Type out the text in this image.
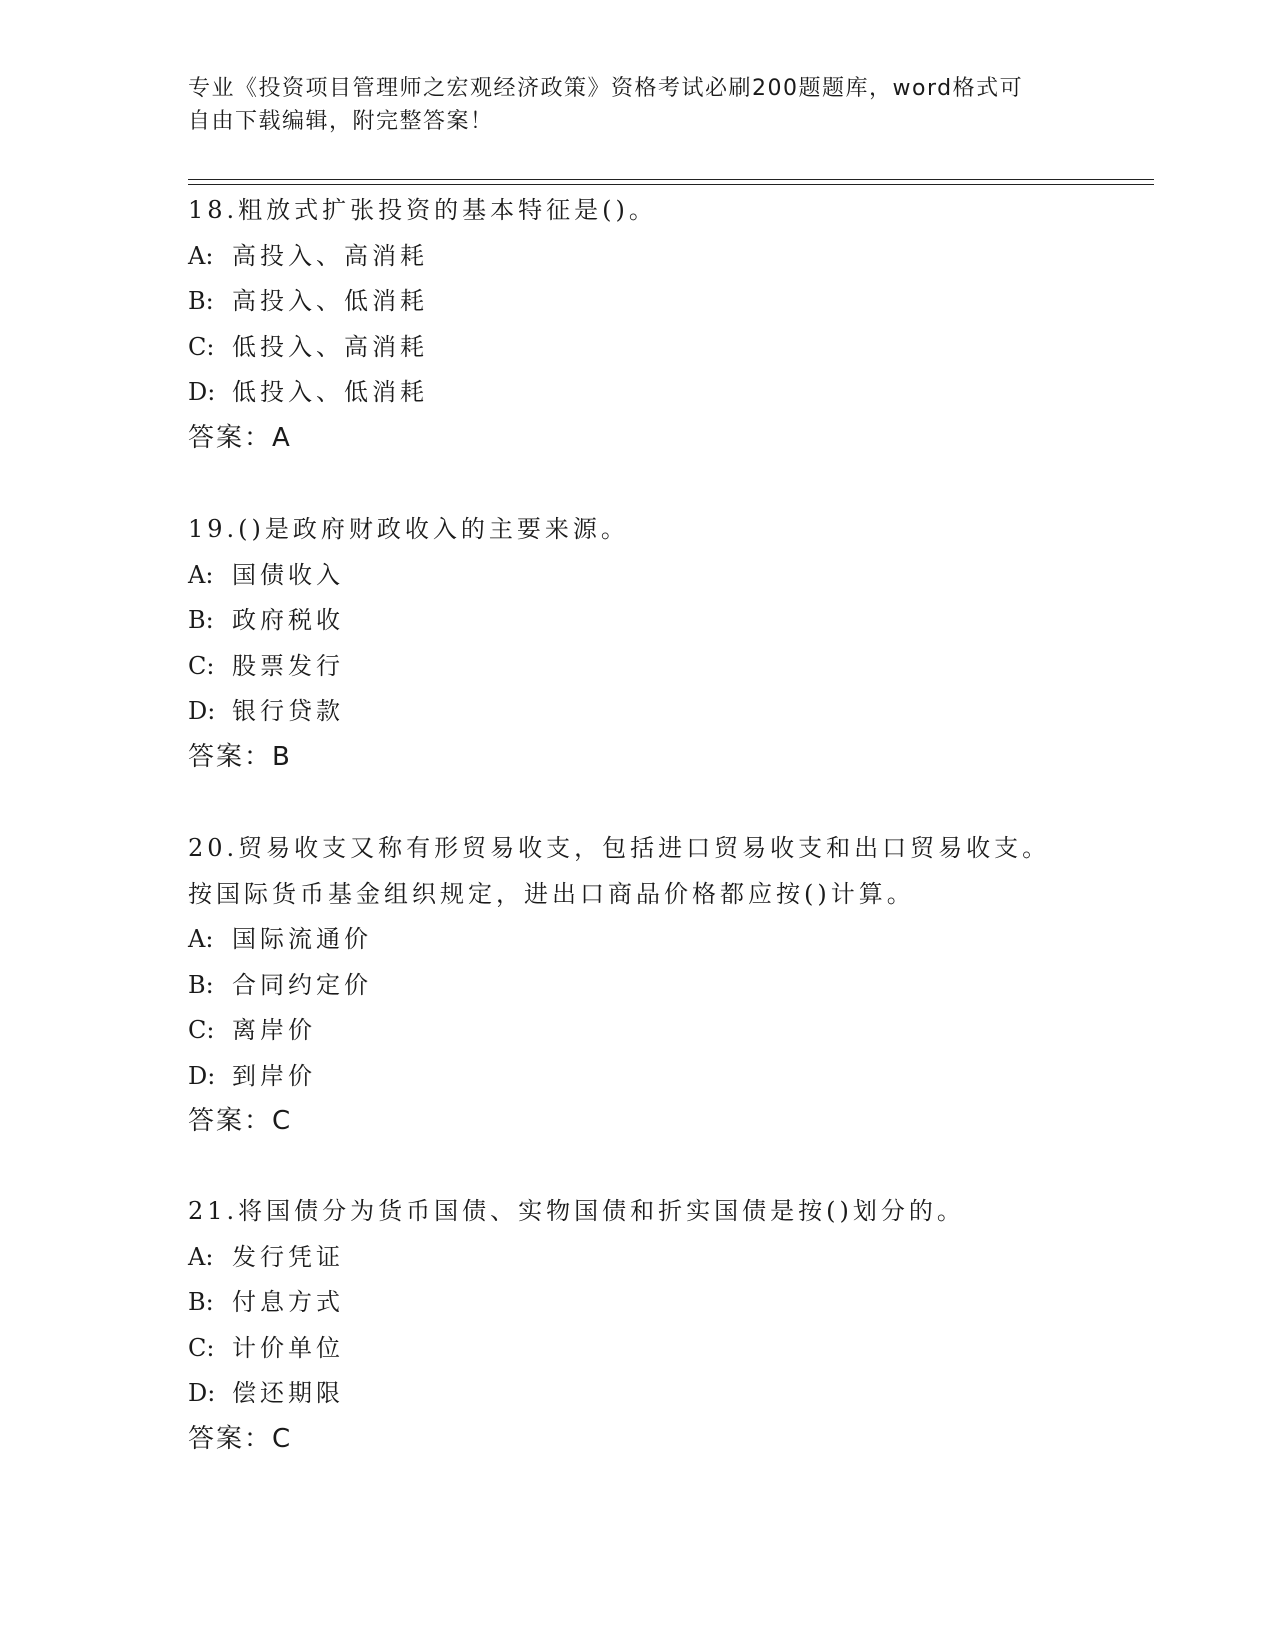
专业《投资项目管理师之宏观经济政策》资格考试必刷200题题库，word格式可
自由下载编辑，附完整答案！
18.粗放式扩张投资的基本特征是()。
A: 高投入、高消耗
B: 高投入、低消耗
C: 低投入、高消耗
D: 低投入、低消耗
答案：A
19.()是政府财政收入的主要来源。
A: 国债收入
B: 政府税收
C: 股票发行
D: 银行贷款
答案：B
20.贸易收支又称有形贸易收支，包括进口贸易收支和出口贸易收支。
按国际货币基金组织规定，进出口商品价格都应按()计算。
A: 国际流通价
B: 合同约定价
C: 离岸价
D: 到岸价
答案：C
21.将国债分为货币国债、实物国债和折实国债是按()划分的。
A: 发行凭证
B: 付息方式
C: 计价单位
D: 偿还期限
答案：C
